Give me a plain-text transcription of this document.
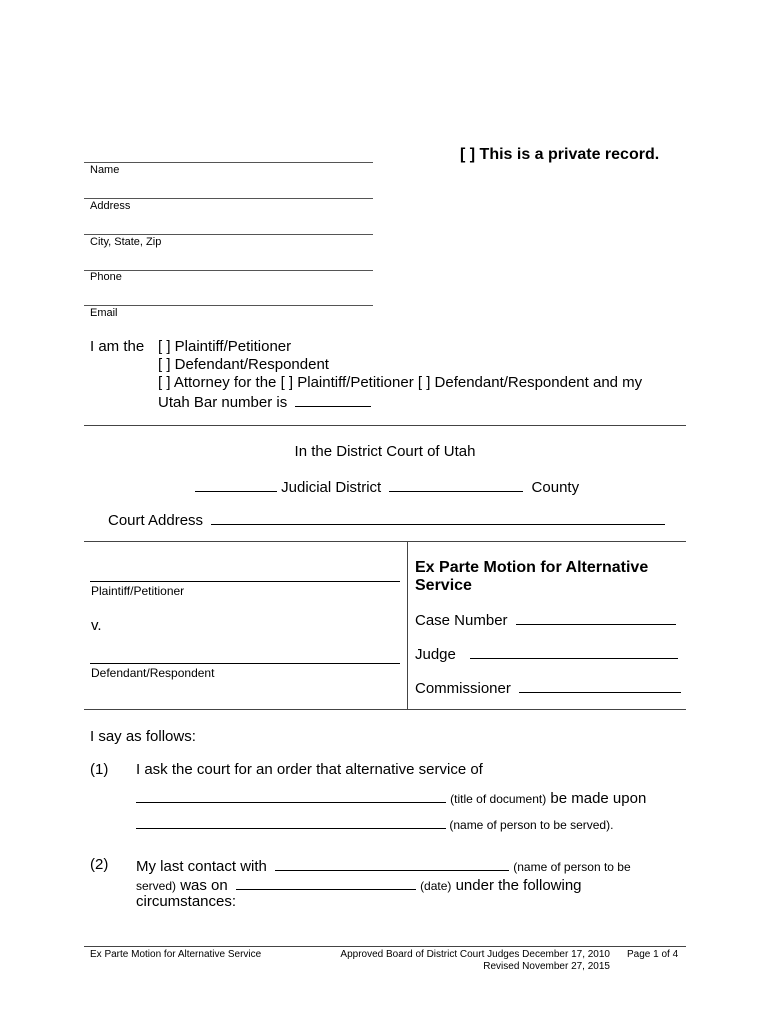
[ ] This is a private record.
Name
Address
City, State, Zip
Phone
Email
I am the [ ] Plaintiff/Petitioner
[ ] Defendant/Respondent
[ ] Attorney for the [ ] Plaintiff/Petitioner [ ] Defendant/Respondent and my
Utah Bar number is
In the District Court of Utah
Judicial District	County
Court Address
Plaintiff/Petitioner
v.
Defendant/Respondent
Ex Parte Motion for Alternative Service
Case Number
Judge
Commissioner
I say as follows:
(1) I ask the court for an order that alternative service of
(title of document) be made upon
(name of person to be served).
(2) My last contact with	(name of person to be
served) was on	(date) under the following
circumstances:
Ex Parte Motion for Alternative Service	Approved Board of District Court Judges December 17, 2010
Revised November 27, 2015
Page 1 of 4
